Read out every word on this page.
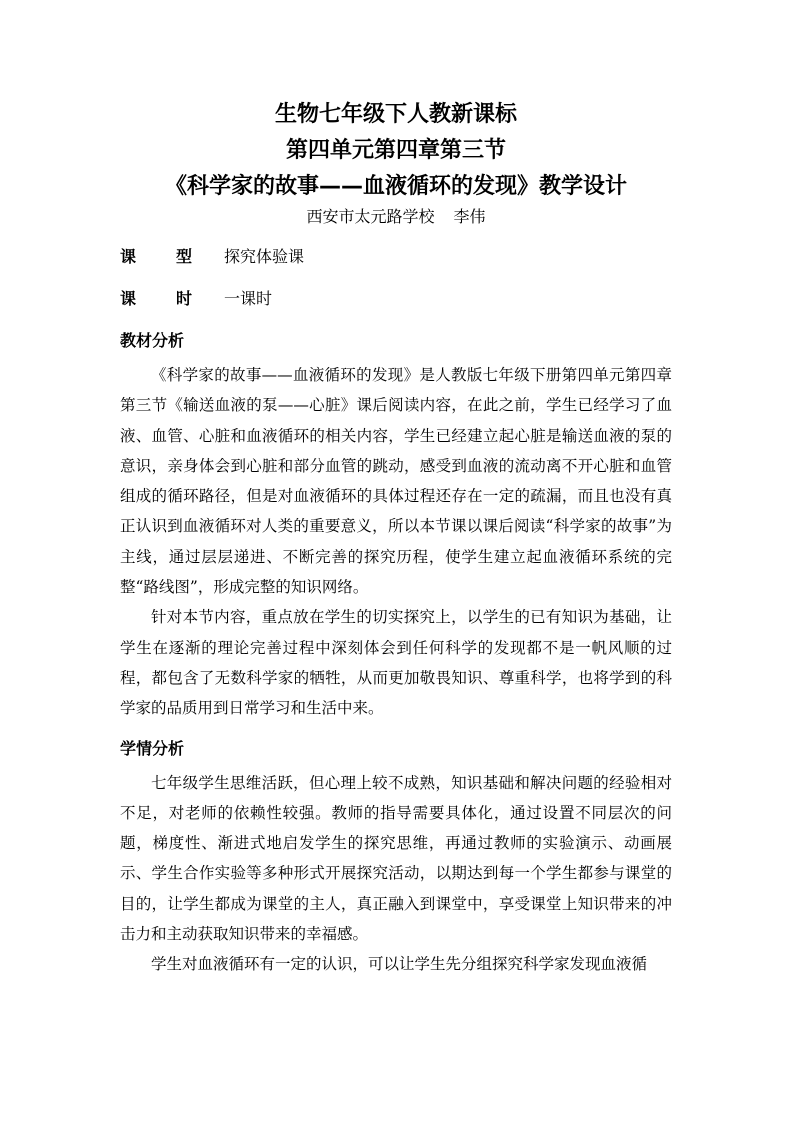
生物七年级下人教新课标
第四单元第四章第三节
《科学家的故事——血液循环的发现》教学设计
西安市太元路学校 李伟
课	型	探究体验课
课	时	一课时
教材分析

《科学家的故事——血液循环的发现》是人教版七年级下册第四单元第四章第三节《输送血液的泵——心脏》课后阅读内容，在此之前，学生已经学习了血液、血管、心脏和血液循环的相关内容，学生已经建立起心脏是输送血液的泵的意识，亲身体会到心脏和部分血管的跳动，感受到血液的流动离不开心脏和血管组成的循环路径，但是对血液循环的具体过程还存在一定的疏漏，而且也没有真正认识到血液循环对人类的重要意义，所以本节课以课后阅读“科学家的故事”为主线，通过层层递进、不断完善的探究历程，使学生建立起血液循环系统的完整“路线图”，形成完整的知识网络。

针对本节内容，重点放在学生的切实探究上，以学生的已有知识为基础，让学生在逐渐的理论完善过程中深刻体会到任何科学的发现都不是一帆风顺的过程，都包含了无数科学家的牺牲，从而更加敬畏知识、尊重科学，也将学到的科学家的品质用到日常学习和生活中来。

学情分析

七年级学生思维活跃，但心理上较不成熟，知识基础和解决问题的经验相对不足，对老师的依赖性较强。教师的指导需要具体化，通过设置不同层次的问题，梯度性、渐进式地启发学生的探究思维，再通过教师的实验演示、动画展示、学生合作实验等多种形式开展探究活动，以期达到每一个学生都参与课堂的目的，让学生都成为课堂的主人，真正融入到课堂中，享受课堂上知识带来的冲击力和主动获取知识带来的幸福感。

学生对血液循环有一定的认识，可以让学生先分组探究科学家发现血液循
